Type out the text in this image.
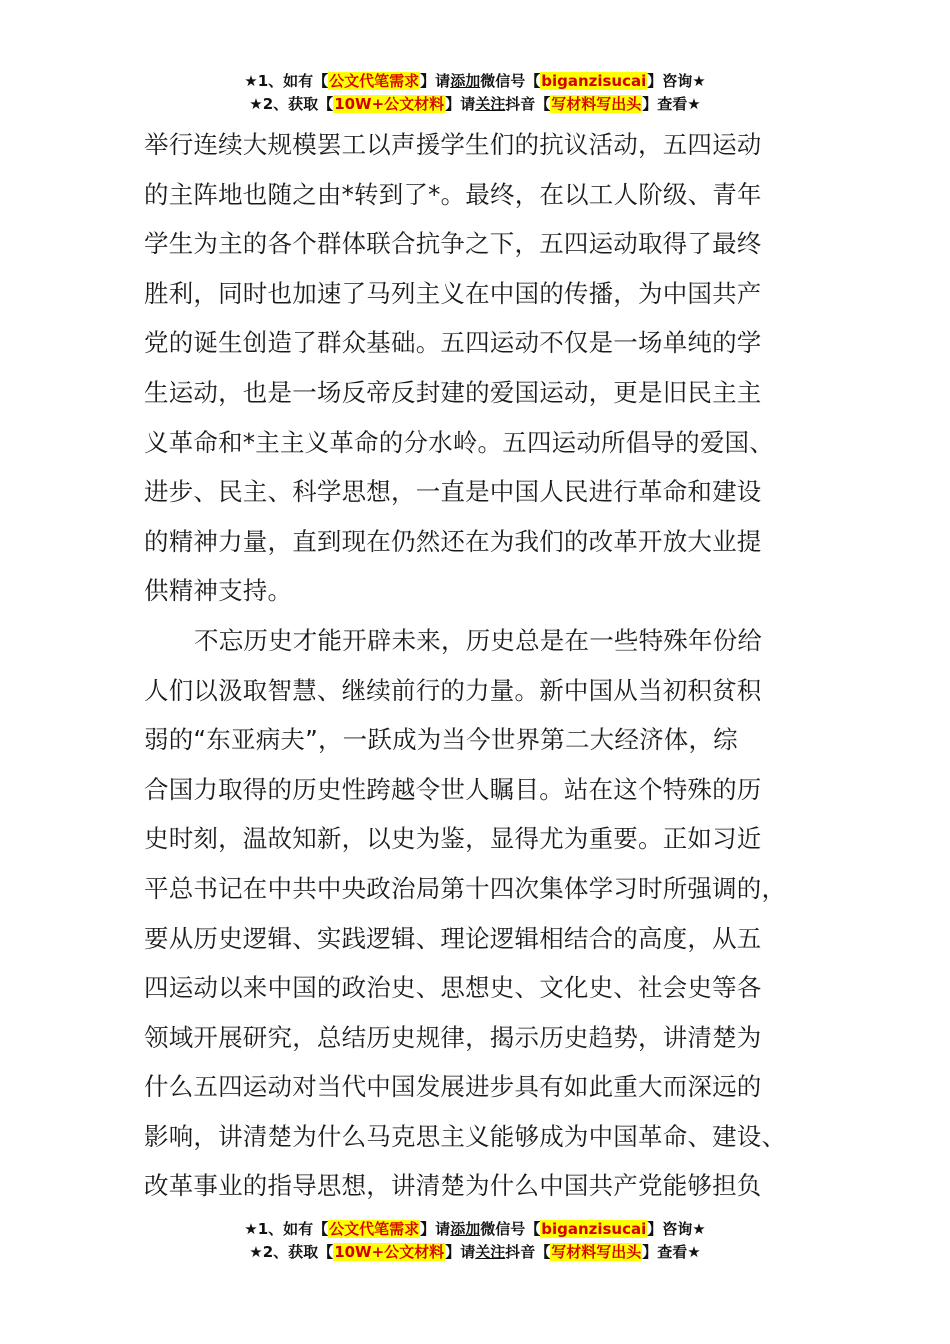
★1、如有【公文代笔需求】请添加微信号【biganzisucai】咨询★
★2、获取【10W+公文材料】请关注抖音【写材料写出头】查看★
举行连续大规模罢工以声援学生们的抗议活动，五四运动
的主阵地也随之由*转到了*。最终，在以工人阶级、青年
学生为主的各个群体联合抗争之下，五四运动取得了最终
胜利，同时也加速了马列主义在中国的传播，为中国共产
党的诞生创造了群众基础。五四运动不仅是一场单纯的学
生运动，也是一场反帝反封建的爱国运动，更是旧民主主
义革命和*主主义革命的分水岭。五四运动所倡导的爱国、
进步、民主、科学思想，一直是中国人民进行革命和建设
的精神力量，直到现在仍然还在为我们的改革开放大业提
供精神支持。
不忘历史才能开辟未来，历史总是在一些特殊年份给
人们以汲取智慧、继续前行的力量。新中国从当初积贫积
弱的“东亚病夫”，一跃成为当今世界第二大经济体，综
合国力取得的历史性跨越令世人瞩目。站在这个特殊的历
史时刻，温故知新，以史为鉴，显得尤为重要。正如习近
平总书记在中共中央政治局第十四次集体学习时所强调的，
要从历史逻辑、实践逻辑、理论逻辑相结合的高度，从五
四运动以来中国的政治史、思想史、文化史、社会史等各
领域开展研究，总结历史规律，揭示历史趋势，讲清楚为
什么五四运动对当代中国发展进步具有如此重大而深远的
影响，讲清楚为什么马克思主义能够成为中国革命、建设、
改革事业的指导思想，讲清楚为什么中国共产党能够担负
★1、如有【公文代笔需求】请添加微信号【biganzisucai】咨询★
★2、获取【10W+公文材料】请关注抖音【写材料写出头】查看★
